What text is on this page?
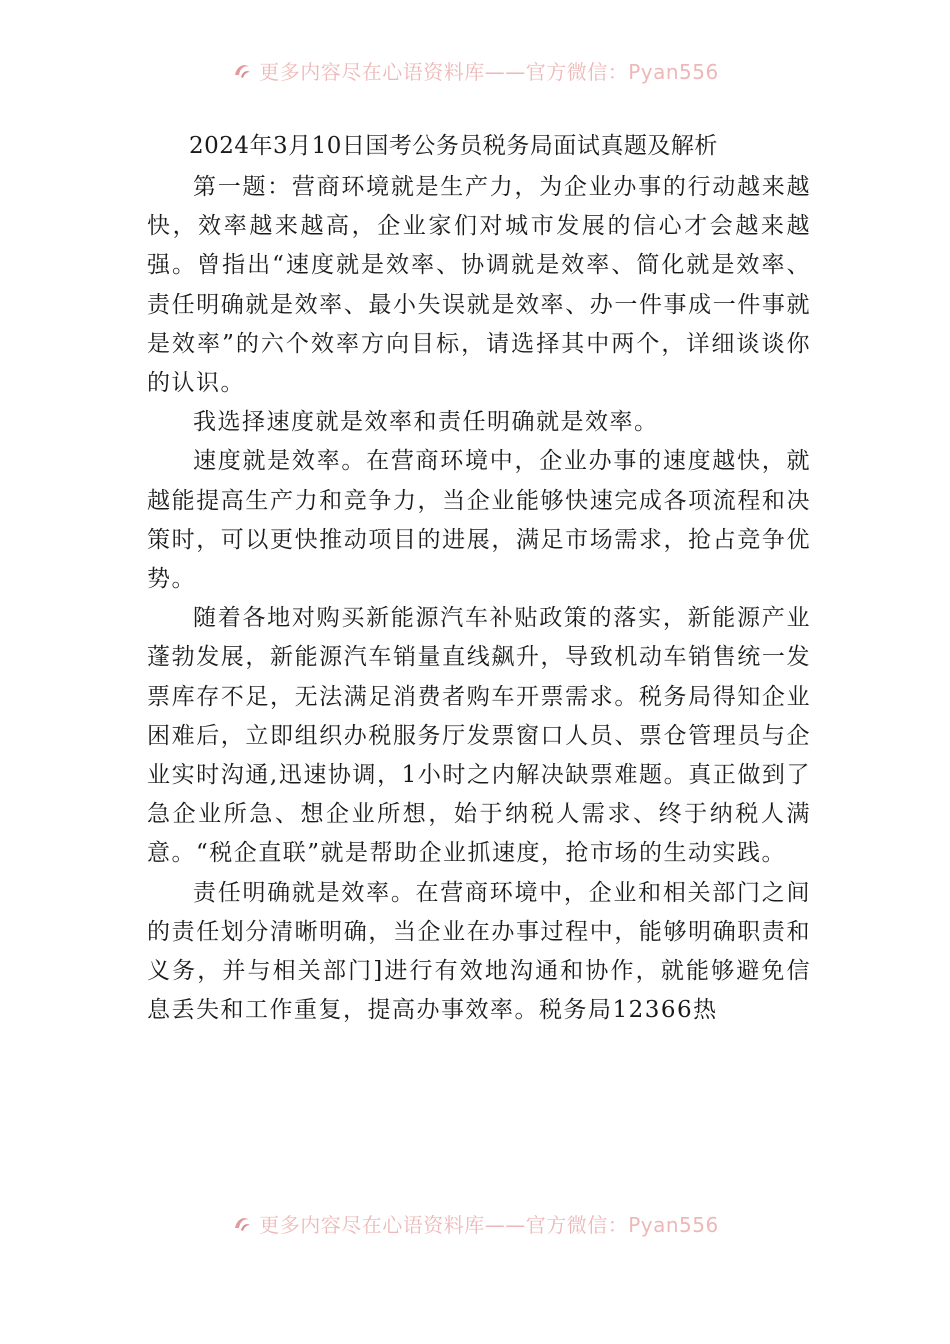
更多内容尽在心语资料库——官方微信：Pyan556

2024年3月10日国考公务员税务局面试真题及解析

第一题：营商环境就是生产力，为企业办事的行动越来越快，效率越来越高，企业家们对城市发展的信心才会越来越强。曾指出“速度就是效率、协调就是效率、简化就是效率、责任明确就是效率、最小失误就是效率、办一件事成一件事就是效率”的六个效率方向目标，请选择其中两个，详细谈谈你的认识。

我选择速度就是效率和责任明确就是效率。

速度就是效率。在营商环境中，企业办事的速度越快，就越能提高生产力和竞争力，当企业能够快速完成各项流程和决策时，可以更快推动项目的进展，满足市场需求，抢占竞争优势。

随着各地对购买新能源汽车补贴政策的落实，新能源产业蓬勃发展，新能源汽车销量直线飙升，导致机动车销售统一发票库存不足，无法满足消费者购车开票需求。税务局得知企业困难后，立即组织办税服务厅发票窗口人员、票仓管理员与企业实时沟通,迅速协调，1小时之内解决缺票难题。真正做到了急企业所急、想企业所想，始于纳税人需求、终于纳税人满意。“税企直联”就是帮助企业抓速度，抢市场的生动实践。

责任明确就是效率。在营商环境中，企业和相关部门之间的责任划分清晰明确，当企业在办事过程中，能够明确职责和义务，并与相关部门]进行有效地沟通和协作，就能够避免信息丢失和工作重复，提高办事效率。税务局12366热

更多内容尽在心语资料库——官方微信：Pyan556
